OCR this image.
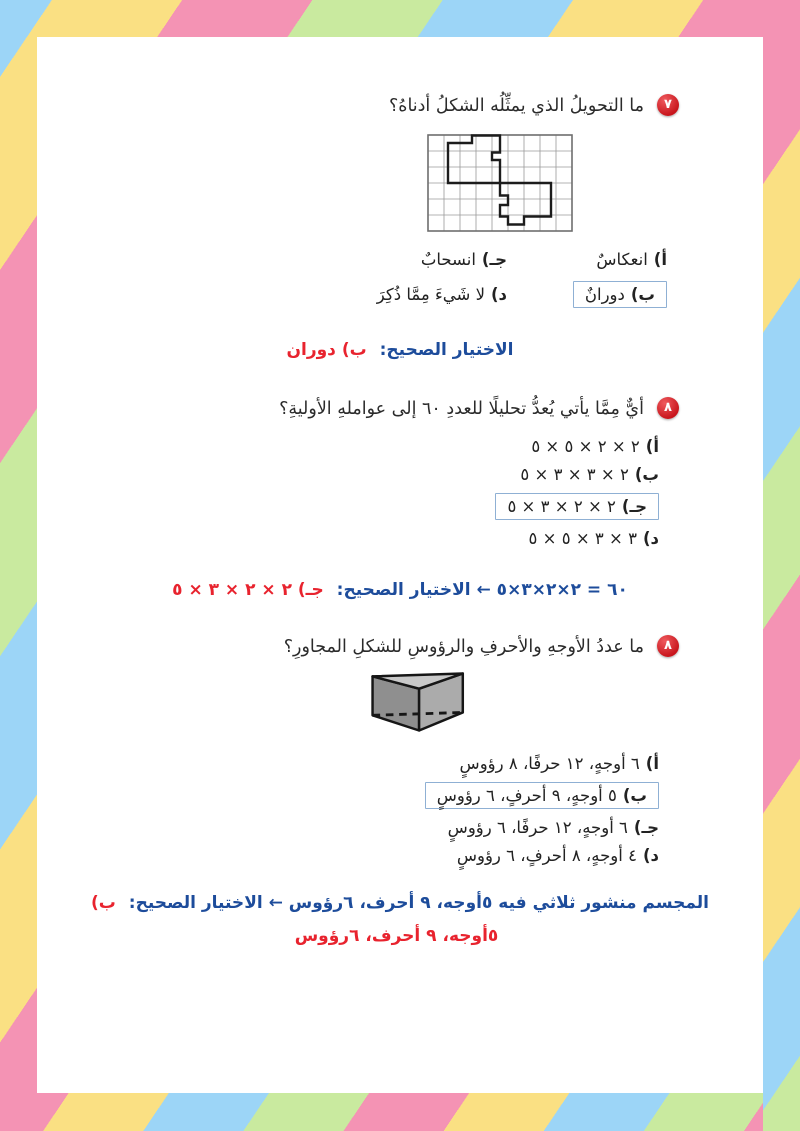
٧
ما التحويلُ الذي يمثِّلُه الشكلُ أدناهُ؟
أ)انعكاسٌ
جـ)انسحابٌ
ب)دورانٌ
د)لا شَيءَ مِمَّا ذُكِرَ
الاختيار الصحيح: ب) دوران
٨
أيٌّ مِمَّا يأتي يُعدُّ تحليلًا للعددِ ٦٠ إلى عواملهِ الأوليةِ؟
أ)٢ × ٢ × ٥ × ٥
ب)٢ × ٣ × ٣ × ٥
جـ)٢ × ٢ × ٣ × ٥
د)٣ × ٣ × ٥ × ٥
٦٠ = ٢×٢×٣×٥ ← الاختيار الصحيح: جـ) ٢ × ٢ × ٣ × ٥
٨
ما عددُ الأوجهِ والأحرفِ والرؤوسِ للشكلِ المجاورِ؟
أ)٦ أوجهٍ، ١٢ حرفًا، ٨ رؤوسٍ
ب)٥ أوجهٍ، ٩ أحرفٍ، ٦ رؤوسٍ
جـ)٦ أوجهٍ، ١٢ حرفًا، ٦ رؤوسٍ
د)٤ أوجهٍ، ٨ أحرفٍ، ٦ رؤوسٍ
المجسم منشور ثلاثي فيه ٥أوجه، ٩ أحرف، ٦رؤوس ← الاختيار الصحيح: ب)
٥أوجه، ٩ أحرف، ٦رؤوس
